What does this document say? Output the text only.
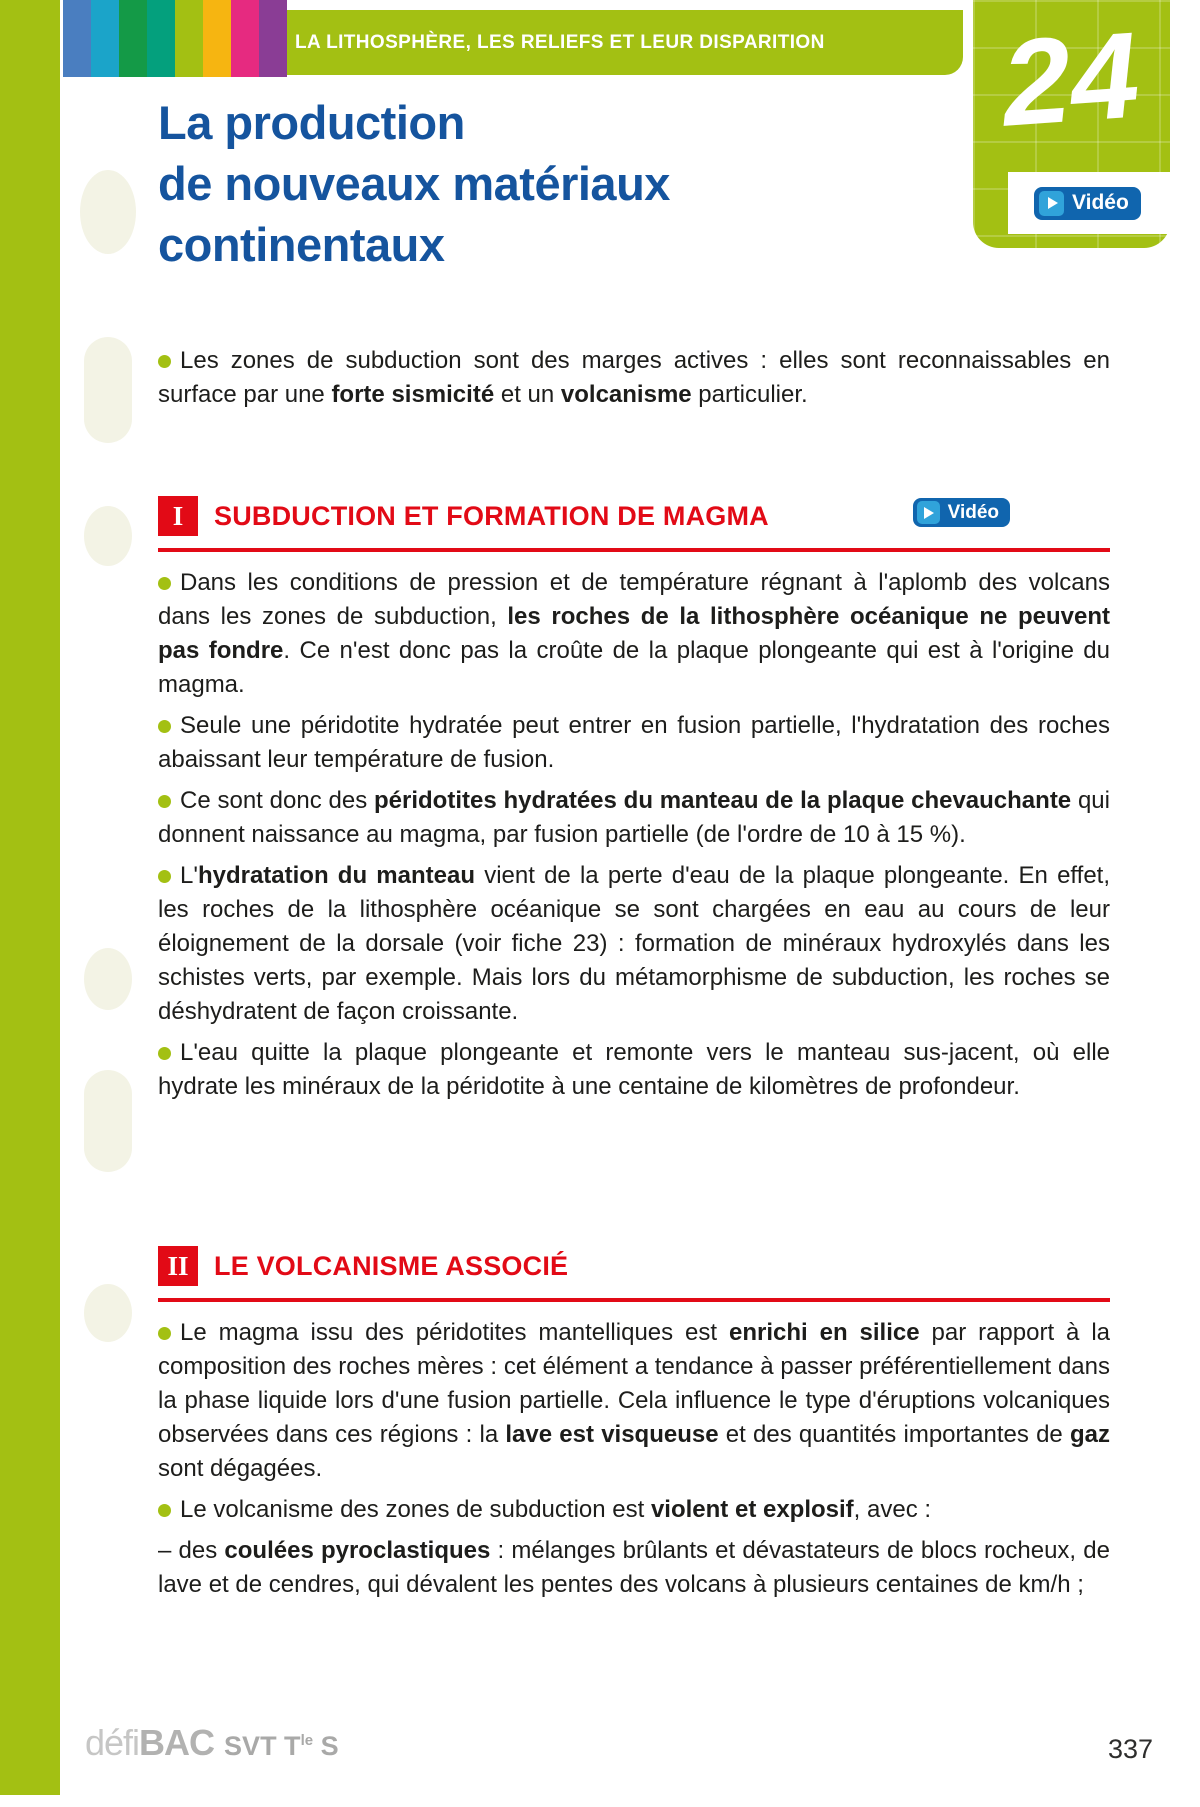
LA LITHOSPHÈRE, LES RELIEFS ET LEUR DISPARITION 24
Vidéo
La production
de nouveaux matériaux
continentaux

Les zones de subduction sont des marges actives : elles sont reconnaissables en surface par une forte sismicité et un volcanisme particulier.

I	SUBDUCTION ET FORMATION DE MAGMA	Vidéo

Dans les conditions de pression et de température régnant à l'aplomb des volcans dans les zones de subduction, les roches de la lithosphère océanique ne peuvent pas fondre. Ce n'est donc pas la croûte de la plaque plongeante qui est à l'origine du magma.

Seule une péridotite hydratée peut entrer en fusion partielle, l'hydratation des roches abaissant leur température de fusion.

Ce sont donc des péridotites hydratées du manteau de la plaque chevauchante qui donnent naissance au magma, par fusion partielle (de l'ordre de 10 à 15 %).

L'hydratation du manteau vient de la perte d'eau de la plaque plongeante. En effet, les roches de la lithosphère océanique se sont chargées en eau au cours de leur éloignement de la dorsale (voir fiche 23) : formation de minéraux hydroxylés dans les schistes verts, par exemple. Mais lors du métamorphisme de subduction, les roches se déshydratent de façon croissante.

L'eau quitte la plaque plongeante et remonte vers le manteau sus-jacent, où elle hydrate les minéraux de la péridotite à une centaine de kilomètres de profondeur.

II LE VOLCANISME ASSOCIÉ

Le magma issu des péridotites mantelliques est enrichi en silice par rapport à la composition des roches mères : cet élément a tendance à passer préférentiellement dans la phase liquide lors d'une fusion partielle. Cela influence le type d'éruptions volcaniques observées dans ces régions : la lave est visqueuse et des quantités importantes de gaz sont dégagées.

Le volcanisme des zones de subduction est violent et explosif, avec :

– des coulées pyroclastiques : mélanges brûlants et dévastateurs de blocs rocheux, de lave et de cendres, qui dévalent les pentes des volcans à plusieurs centaines de km/h ;

défi BAC SVT $T^{le}$ S	337
